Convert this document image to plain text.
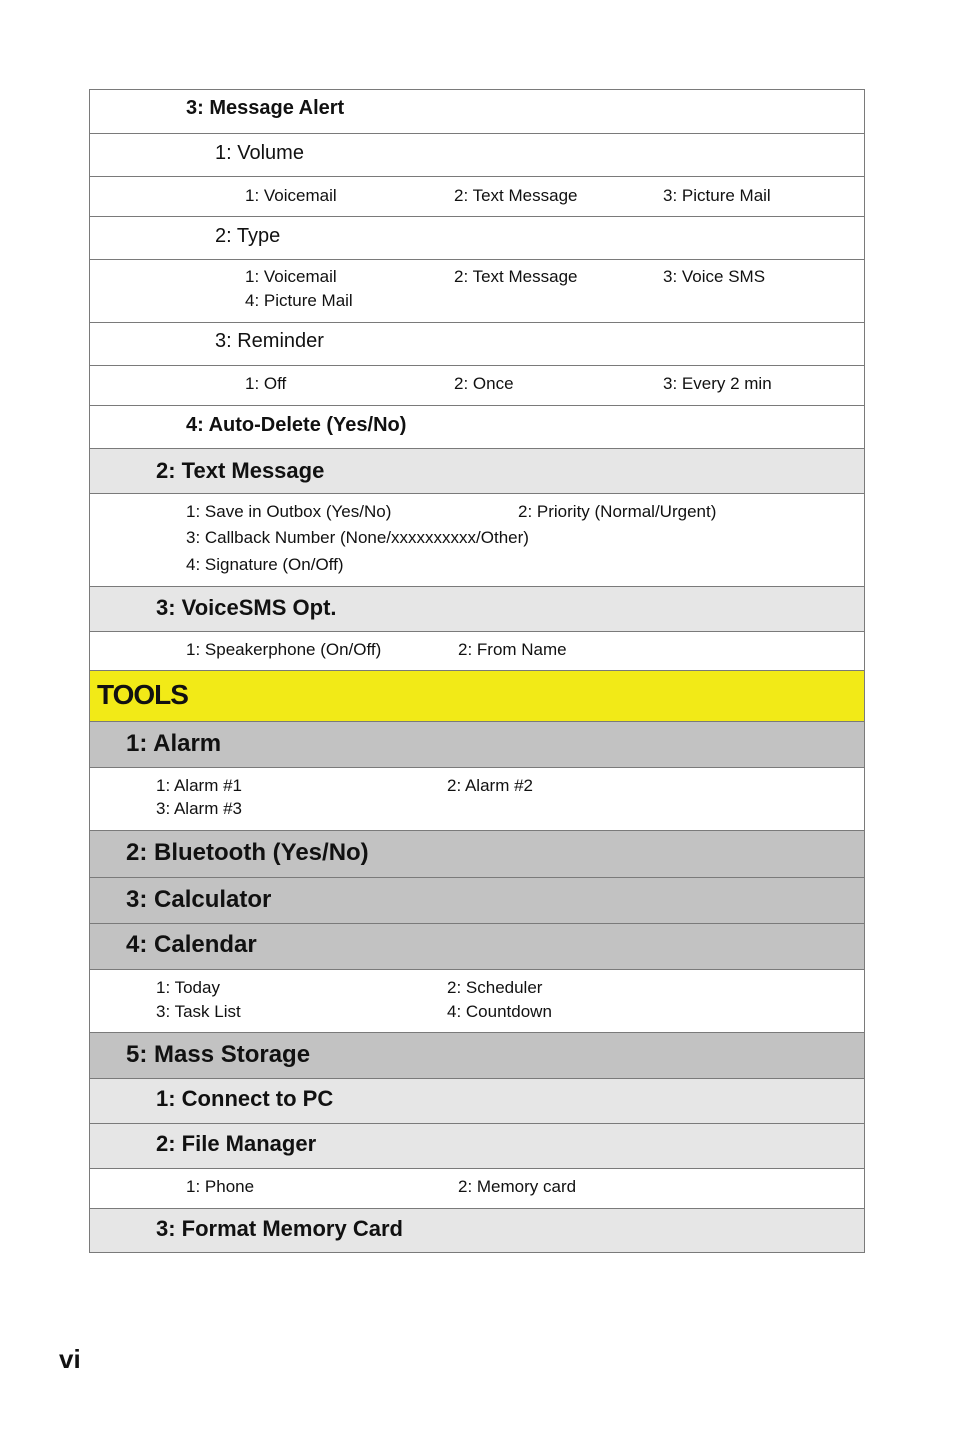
3: Message Alert
1: Volume
1: Voicemail	2: Text Message	3: Picture Mail
2: Type
1: Voicemail	2: Text Message	3: Voice SMS
4: Picture Mail
3: Reminder
1: Off	2: Once	3: Every 2 min
4: Auto-Delete (Yes/No)
2: Text Message
1: Save in Outbox (Yes/No)	2: Priority (Normal/Urgent)
3: Callback Number (None/xxxxxxxxxx/Other)
4: Signature (On/Off)
3: VoiceSMS Opt.
1: Speakerphone (On/Off)	2: From Name
TOOLS
1: Alarm
1: Alarm #1	2: Alarm #2
3: Alarm #3
2: Bluetooth (Yes/No)
3: Calculator
4: Calendar
1: Today	2: Scheduler
3: Task List	4: Countdown
5: Mass Storage
1: Connect to PC
2: File Manager
1: Phone	2: Memory card
3: Format Memory Card
vi
